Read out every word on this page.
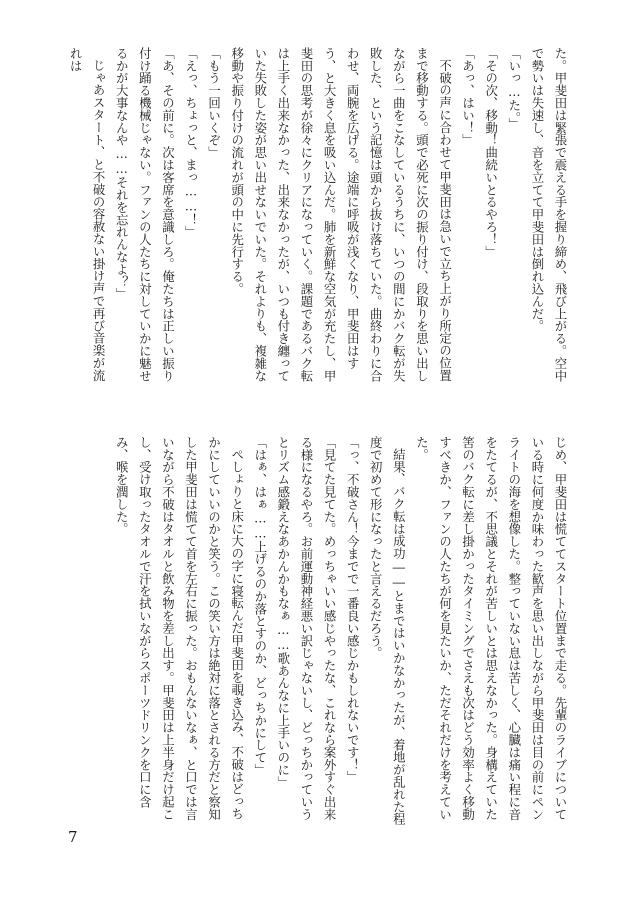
た。甲斐田は緊張で震える手を握り締め、飛び上がる。空中で勢いは失速し、音を立てて甲斐田は倒れ込んだ。

「いっ…た。」

「その次、移動！曲続いとるやろ！」

「あっ、はい！」

不破の声に合わせて甲斐田は急いで立ち上がり所定の位置まで移動する。頭で必死に次の振り付け、段取りを思い出しながら一曲をこなしているうちに、いつの間にかバク転が失敗した、という記憶は頭から抜け落ちていた。曲終わりに合わせ、両腕を広げる。途端に呼吸が浅くなり、甲斐田はすう、と大きく息を吸い込んだ。肺を新鮮な空気が充たし、甲斐田の思考が徐々にクリアになっていく。課題であるバク転は上手く出来なかった、出来なかったが、いつも付き纏っていた失敗した姿が思い出せないでいた。それよりも、複雑な移動や振り付けの流れが頭の中に先行する。

「もう一回いくぞ」

「えっ、ちょっと、まっ……！」

「あ、その前に。次は客席を意識しろ。俺たちは正しい振り付け踊る機械じゃない。ファンの人たちに対していかに魅せるかが大事なんや……それを忘れんなよ？」

じゃあスタート、と不破の容赦ない掛け声で再び音楽が流れは

じめ、甲斐田は慌ててスタート位置まで走る。先輩のライブについている時に何度か味わった歓声を思い出しながら甲斐田は目の前にペンライトの海を想像した。整っていない息は苦しく、心臓は痛い程に音をたてるが、不思議とそれが苦しいとは思えなかった。身構えていた筈のバク転に差し掛かったタイミングでさえも次はどう効率よく移動すべきか、ファンの人たちが何を見たいか、ただそれだけを考えていた。

結果、バク転は成功――とまではいかなかったが、着地が乱れた程度で初めて形になったと言えるだろう。

「っ、不破さん！今までで一番良い感じかもしれないです！」

「見てた見てた。めっちゃいい感じやったな、これなら案外すぐ出来る様になるやろ。お前運動神経悪い訳じゃないし、どっちかっていうとリズム感鍛えなあかんかもなぁ……歌あんなに上手いのに」

「はぁ、はぁ……上げるのか落とすのか、どっちかにして」

ぺしょりと床に大の字に寝転んだ甲斐田を覗き込み、不破はどっちかにしていいのかと笑う。この笑い方は絶対に落とされる方だと察知した甲斐田は慌てて首を左右に振った。おもんないなぁ、と口では言いながら不破はタオルと飲み物を差し出す。甲斐田は上半身だけ起こし、受け取ったタオルで汗を拭いながらスポーツドリンクを口に含み、喉を潤した。

7
